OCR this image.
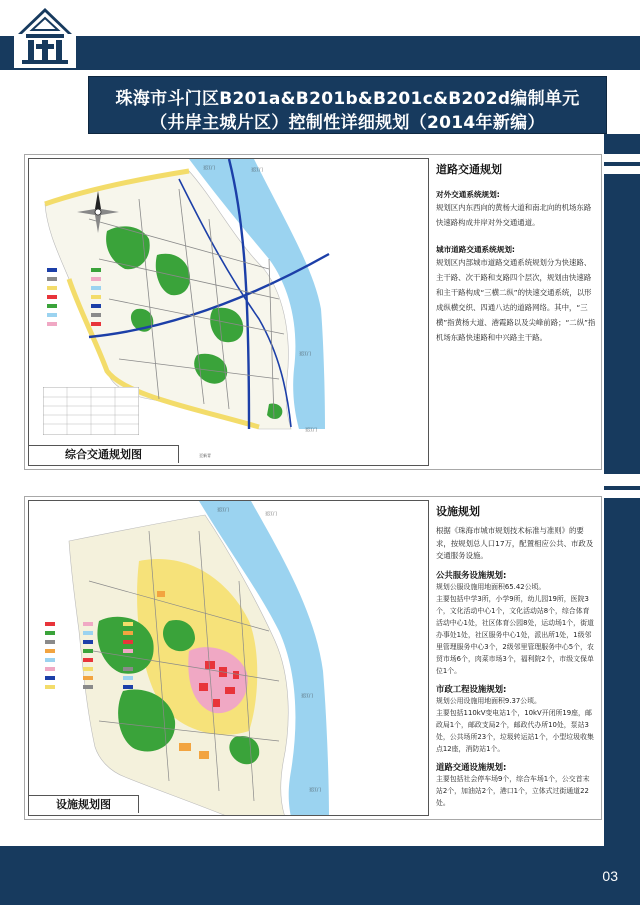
珠海市斗门区B201a&B201b&B201c&B202d编制单元
（井岸主城片区）控制性详细规划（2014年新编）
至江门	至江门
至江门
至江门
至新青
综合交通规划图
道路交通规划
对外交通系统规划:
规划区内东西向的黄杨大道和南北向的机场东路快速路构成井岸对外交通通道。
城市道路交通系统规划:
规划区内部城市道路交通系统规划分为快速路、主干路、次干路和支路四个层次，规划由快速路和主干路构成“三横二纵”的快速交通系统，以形成纵横交织、四通八达的道路网络。其中，“三横”指黄杨大道、港霞路以及尖峰前路；“二纵”指机场东路快速路和中兴路主干路。
至江门
至江门
至江门
至江门
设施规划图
设施规划
根据《珠海市城市规划技术标准与准则》的要求，按规划总人口17万，配置相应公共、市政及交通服务设施。
公共服务设施规划:
规划公服设施用地面积65.42公顷。
主要包括中学3所，小学9所，幼儿园19所，医院3个，文化活动中心1个，文化活动站8个，综合体育活动中心1处，社区体育公园8处，运动场1个，街道办事处1处，社区服务中心1处，派出所1处，1级邻里管理服务中心3个，2级邻里管理服务中心5个，农贸市场6个，肉菜市场3个，福利院2个，市级文保单位1个。
市政工程设施规划:
规划公用设施用地面积9.37公顷。
主要包括110kV变电站1个，10kV开闭所19座，邮政局1个，邮政支局2个，邮政代办所10处，泵站3处，公共场所23个，垃圾转运站1个，小型垃圾收集点12座，消防站1个。
道路交通设施规划:
主要包括社会停车场9个，综合车场1个，公交首末站2个，加油站2个，港口1个，立体式过街通道22处。
03
